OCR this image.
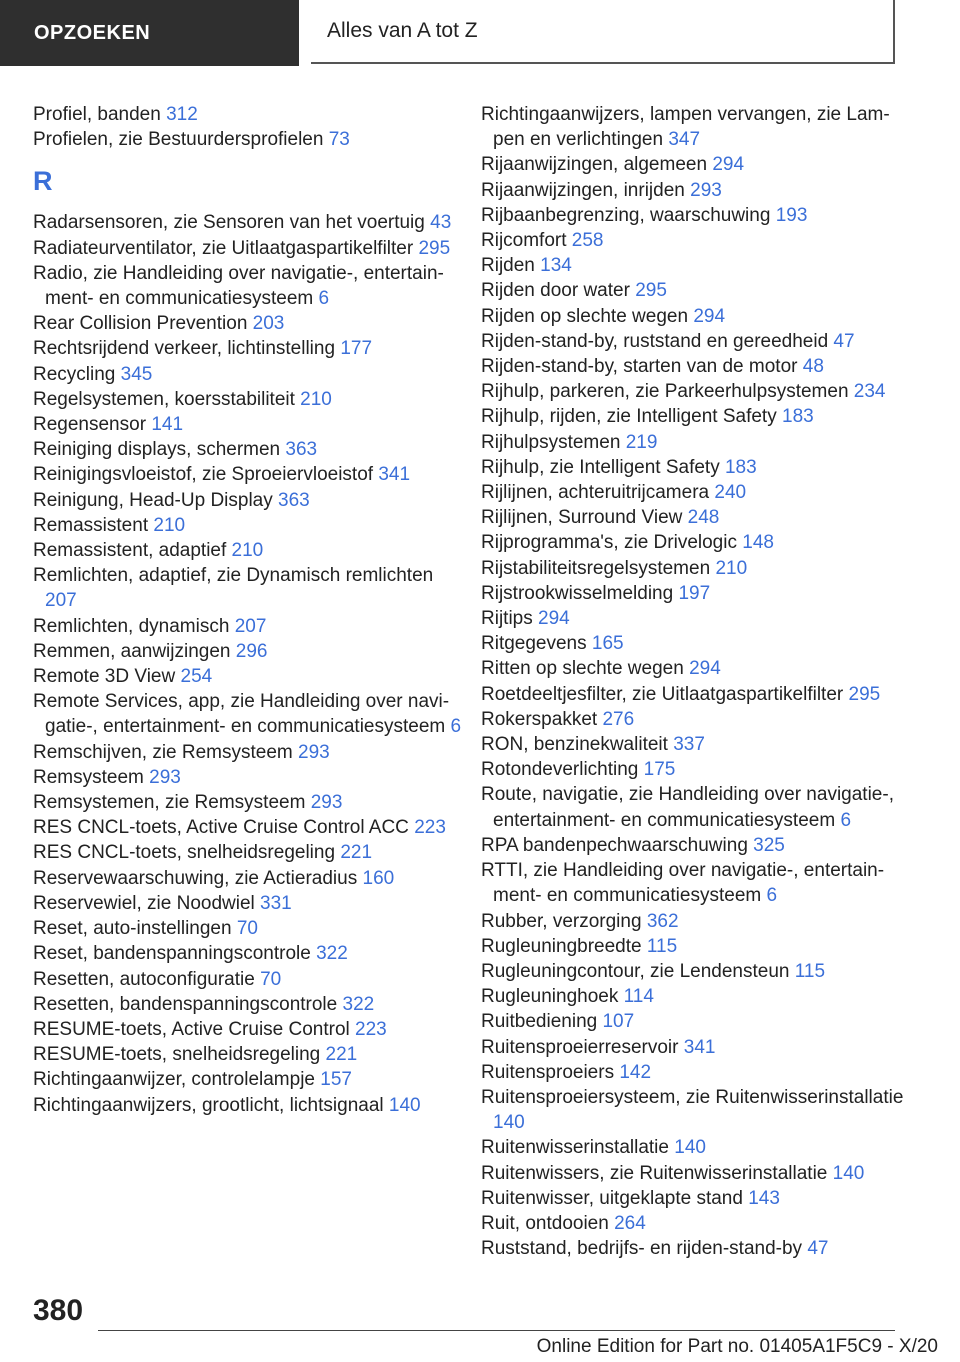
OPZOEKEN	Alles van A tot Z
Profiel, banden 312
Profielen, zie Bestuurdersprofielen 73
R
Radarsensoren, zie Sensoren van het voertuig 43
Radiateurventilator, zie Uitlaatgaspartikelfilter 295
Radio, zie Handleiding over navigatie-, entertainment- en communicatiesysteem 6
Rear Collision Prevention 203
Rechtsrijdend verkeer, lichtinstelling 177
Recycling 345
Regelsystemen, koersstabiliteit 210
Regensensor 141
Reiniging displays, schermen 363
Reinigingsvloeistof, zie Sproeiervloeistof 341
Reinigung, Head-Up Display 363
Remassistent 210
Remassistent, adaptief 210
Remlichten, adaptief, zie Dynamisch remlichten 207
Remlichten, dynamisch 207
Remmen, aanwijzingen 296
Remote 3D View 254
Remote Services, app, zie Handleiding over navigatie-, entertainment- en communicatiesysteem 6
Remschijven, zie Remsysteem 293
Remsysteem 293
Remsystemen, zie Remsysteem 293
RES CNCL-toets, Active Cruise Control ACC 223
RES CNCL-toets, snelheidsregeling 221
Reservewaarschuwing, zie Actieradius 160
Reservewiel, zie Noodwiel 331
Reset, auto-instellingen 70
Reset, bandenspanningscontrole 322
Resetten, autoconfiguratie 70
Resetten, bandenspanningscontrole 322
RESUME-toets, Active Cruise Control 223
RESUME-toets, snelheidsregeling 221
Richtingaanwijzer, controlelampje 157
Richtingaanwijzers, grootlicht, lichtsignaal 140
Richtingaanwijzers, lampen vervangen, zie Lampen en verlichtingen 347
Rijaanwijzingen, algemeen 294
Rijaanwijzingen, inrijden 293
Rijbaanbegrenzing, waarschuwing 193
Rijcomfort 258
Rijden 134
Rijden door water 295
Rijden op slechte wegen 294
Rijden-stand-by, ruststand en gereedheid 47
Rijden-stand-by, starten van de motor 48
Rijhulp, parkeren, zie Parkeerhulpsystemen 234
Rijhulp, rijden, zie Intelligent Safety 183
Rijhulpsystemen 219
Rijhulp, zie Intelligent Safety 183
Rijlijnen, achteruitrijcamera 240
Rijlijnen, Surround View 248
Rijprogramma's, zie Drivelogic 148
Rijstabiliteitsregelsystemen 210
Rijstrookwisselmelding 197
Rijtips 294
Ritgegevens 165
Ritten op slechte wegen 294
Roetdeeltjesfilter, zie Uitlaatgaspartikelfilter 295
Rokerspakket 276
RON, benzinekwaliteit 337
Rotondeverlichting 175
Route, navigatie, zie Handleiding over navigatie-, entertainment- en communicatiesysteem 6
RPA bandenpechwaarschuwing 325
RTTI, zie Handleiding over navigatie-, entertainment- en communicatiesysteem 6
Rubber, verzorging 362
Rugleuningbreedte 115
Rugleuningcontour, zie Lendensteun 115
Rugleuninghoek 114
Ruitbediening 107
Ruitensproeierreservoir 341
Ruitensproeiers 142
Ruitensproeiersysteem, zie Ruitenwisserinstallatie 140
Ruitenwisserinstallatie 140
Ruitenwissers, zie Ruitenwisserinstallatie 140
Ruitenwisser, uitgeklapte stand 143
Ruit, ontdooien 264
Ruststand, bedrijfs- en rijden-stand-by 47
380
Online Edition for Part no. 01405A1F5C9 - X/20
